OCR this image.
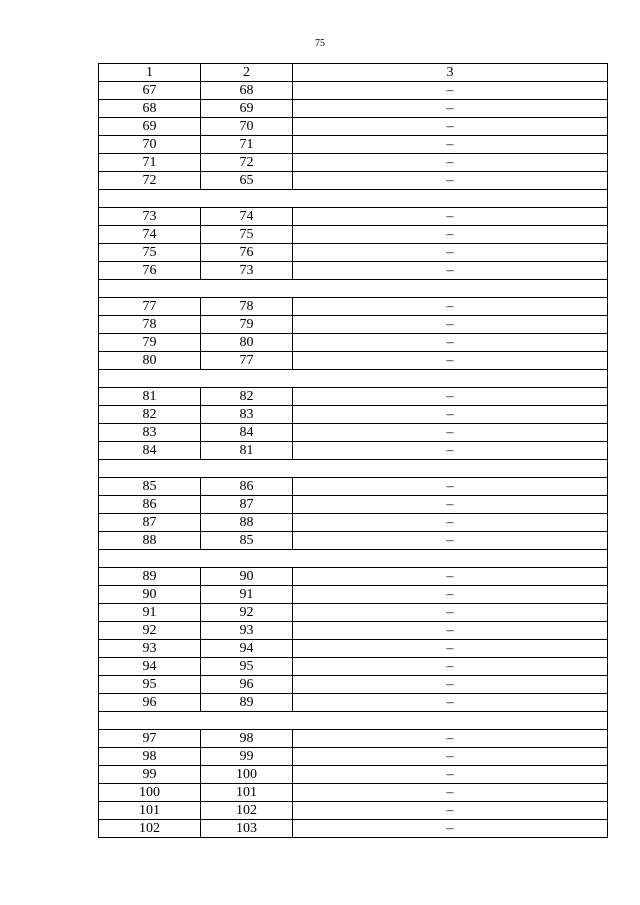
75
1	2	3
67	68	–
68	69	–
69	70	–
70	71	–
71	72	–
72	65	–

73	74	–
74	75	–
75	76	–
76	73	–

77	78	–
78	79	–
79	80	–
80	77	–

81	82	–
82	83	–
83	84	–
84	81	–

85	86	–
86	87	–
87	88	–
88	85	–

89	90	–
90	91	–
91	92	–
92	93	–
93	94	–
94	95	–
95	96	–
96	89	–

97	98	–
98	99	–
99	100	–
100	101	–
101	102	–
102	103	–
